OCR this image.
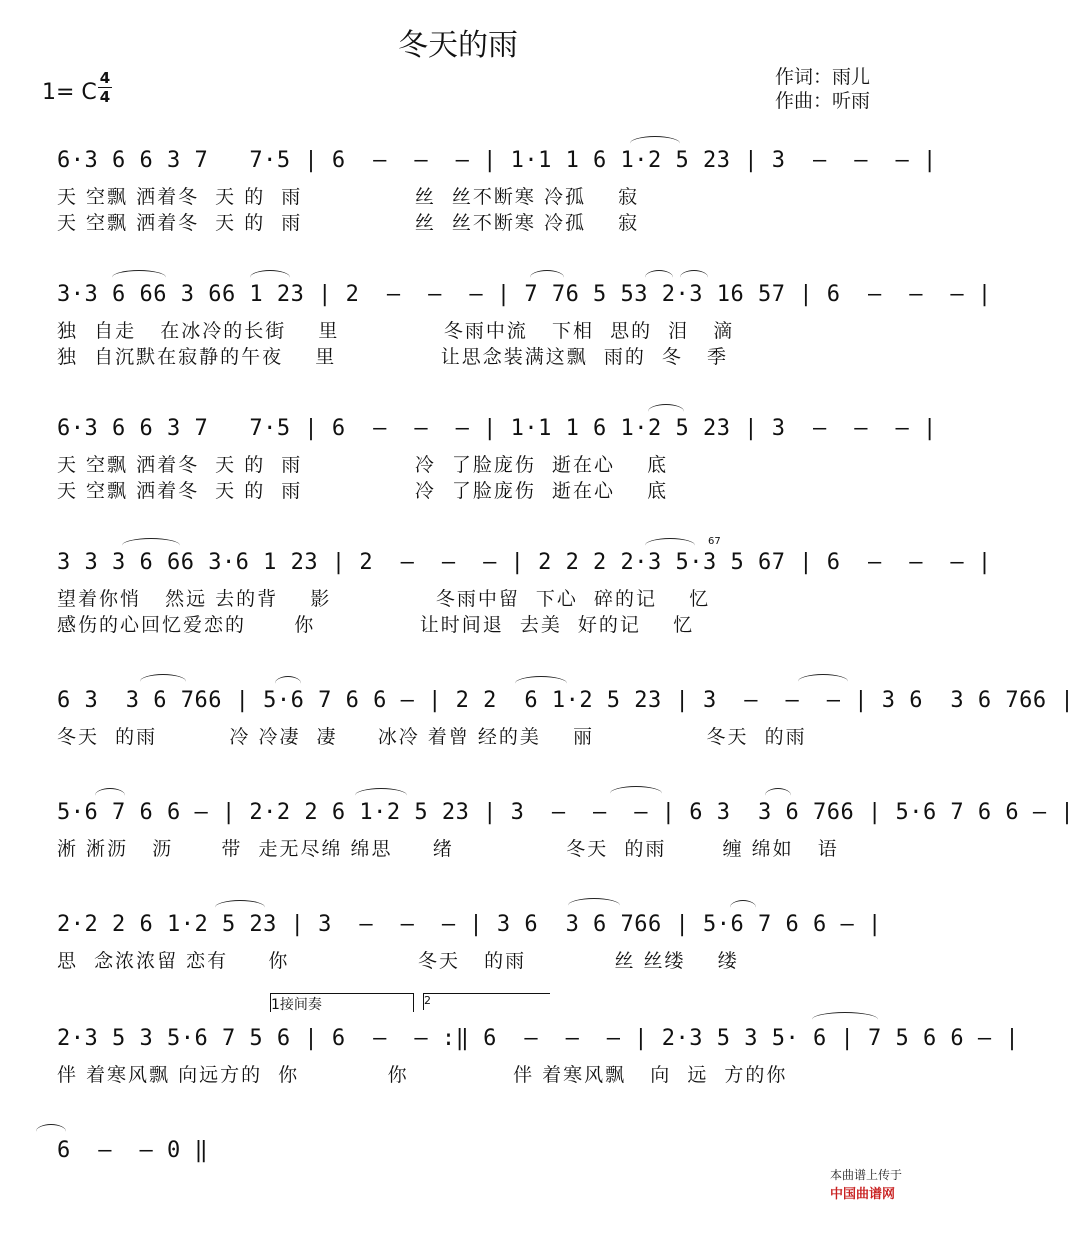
冬天的雨
1= C
4
4
作词：雨儿
作曲：听雨
6·3 6 6 3 7   7·5 | 6  —  —  — | 1·1 1 6 1·2 5 23 | 3  —  —  — |
天 空飘 洒着冬  天 的  雨              丝  丝不断寒 冷孤    寂
天 空飘 洒着冬  天 的  雨              丝  丝不断寒 冷孤    寂
3·3 6 66 3 66 1 23 | 2  —  —  — | 7 76 5 53 2·3 16 57 | 6  —  —  — |
独  自走   在冰冷的长街    里             冬雨中流   下相  思的  泪   滴
独  自沉默在寂静的午夜    里             让思念装满这飘  雨的  冬   季
6·3 6 6 3 7   7·5 | 6  —  —  — | 1·1 1 6 1·2 5 23 | 3  —  —  — |
天 空飘 洒着冬  天 的  雨              冷  了脸庞伤  逝在心    底
天 空飘 洒着冬  天 的  雨              冷  了脸庞伤  逝在心    底
3 3 3 6 66 3·6 1 23 | 2  —  —  — | 2 2 2 2·3 5·3 5 67 | 6  —  —  — |
望着你悄   然远 去的背    影             冬雨中留  下心  碎的记    忆
感伤的心回忆爱恋的      你             让时间退  去美  好的记    忆
67
6 3  3 6 766 | 5·6 7 6 6 — | 2 2  6 1·2 5 23 | 3  —  —  — | 3 6  3 6 766 |
冬天  的雨         冷 冷凄  凄     冰冷 着曾 经的美    丽              冬天  的雨
5·6 7 6 6 — | 2·2 2 6 1·2 5 23 | 3  —  —  — | 6 3  3 6 766 | 5·6 7 6 6 — |
淅 淅沥   沥      带  走无尽绵 绵思     绪              冬天  的雨       缠 绵如   语
2·2 2 6 1·2 5 23 | 3  —  —  — | 3 6  3 6 766 | 5·6 7 6 6 — |
思  念浓浓留 恋有     你                冬天   的雨           丝 丝缕    缕
1接间奏	2
2·3 5 3 5·6 7 5 6 | 6  —  — :‖ 6  —  —  — | 2·3 5 3 5· 6 | 7 5 6 6 — |
伴 着寒风飘 向远方的  你           你             伴 着寒风飘   向  远  方的你
6  —  — 0 ‖

本曲谱上传于
中国曲谱网
